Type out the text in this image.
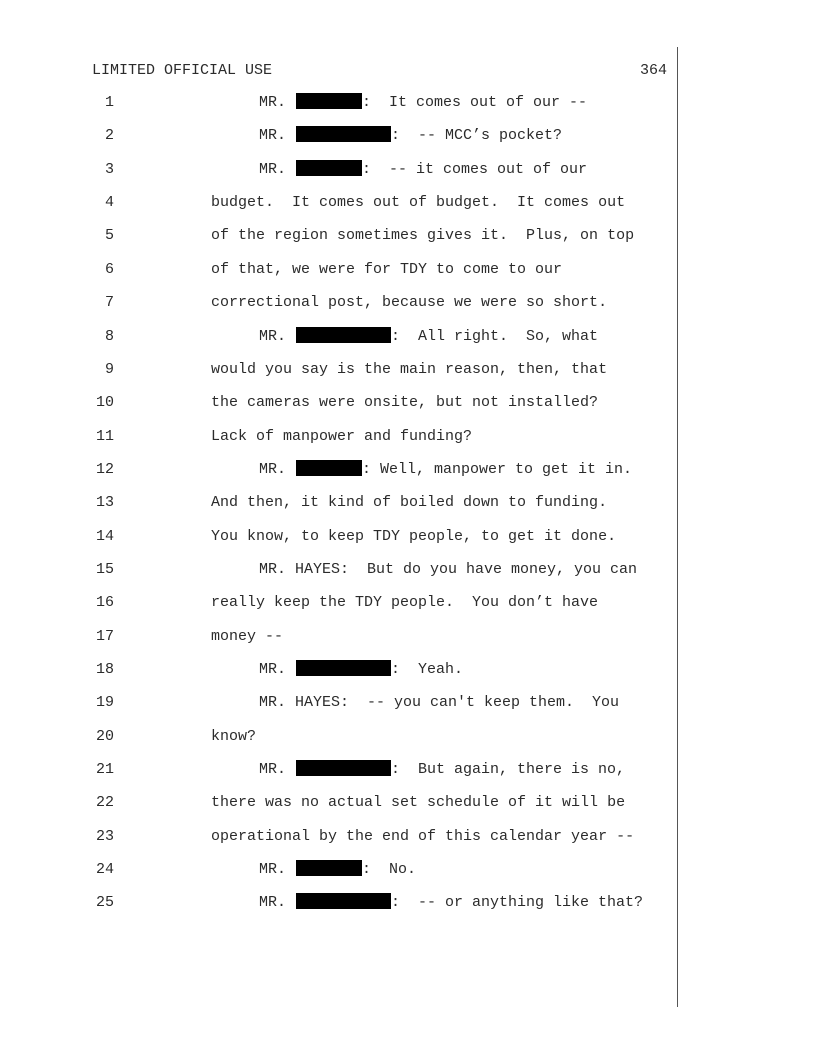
LIMITED OFFICIAL USE	364
1	MR.	:  It comes out of our --
2	MR.	:  -- MCC’s pocket?
3	MR.	:  -- it comes out of our
4	budget.  It comes out of budget.  It comes out
5	of the region sometimes gives it.  Plus, on top
6	of that, we were for TDY to come to our
7	correctional post, because we were so short.
8	MR.	:  All right.  So, what
9	would you say is the main reason, then, that
10	the cameras were onsite, but not installed?
11	Lack of manpower and funding?
12	MR.	: Well, manpower to get it in.
13	And then, it kind of boiled down to funding.
14	You know, to keep TDY people, to get it done.
15	MR. HAYES:  But do you have money, you can
16	really keep the TDY people.  You don’t have
17	money --
18	MR.	:  Yeah.
19	MR. HAYES:  -- you can't keep them.  You
20	know?
21	MR.	:  But again, there is no,
22	there was no actual set schedule of it will be
23	operational by the end of this calendar year --
24	MR.	:  No.
25	MR.	:  -- or anything like that?
